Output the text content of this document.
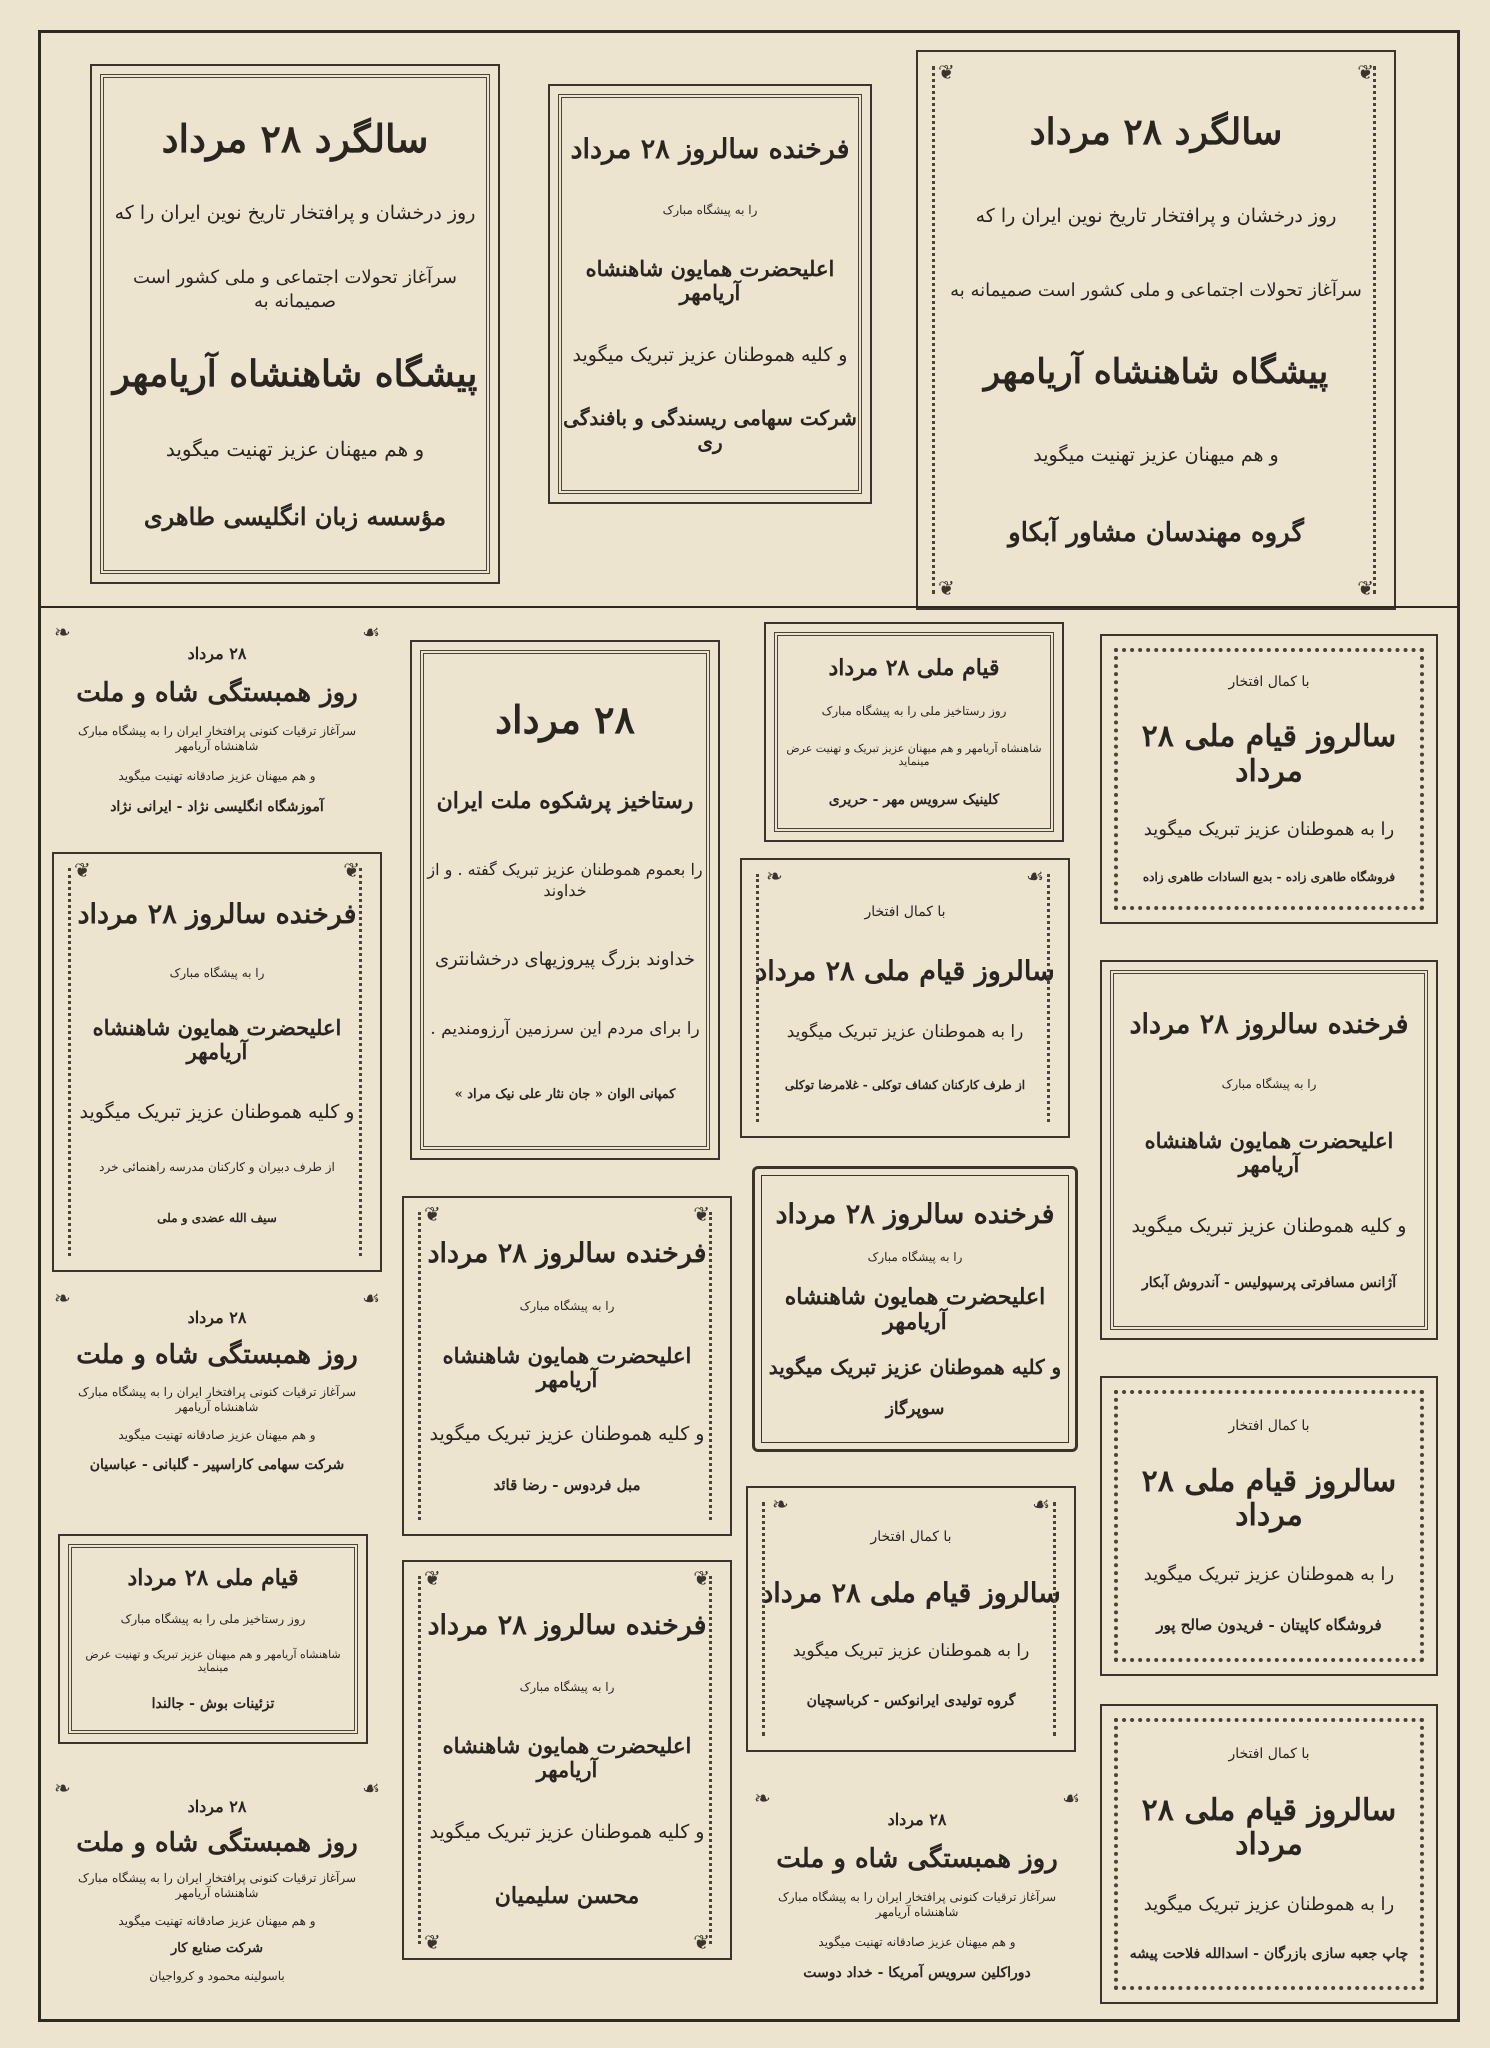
سالگرد ۲۸ مرداد
روز درخشان و پرافتخار تاریخ نوین ایران را که
سرآغاز تحولات اجتماعی و ملی کشور است صمیمانه به
پیشگاه شاهنشاه آریامهر
و هم میهنان عزیز تهنیت میگوید
مؤسسه زبان انگلیسی طاهری
فرخنده سالروز ۲۸ مرداد
را به پیشگاه مبارک
اعلیحضرت همایون شاهنشاه آریامهر
و کلیه هموطنان عزیز تبریک میگوید
شرکت سهامی ریسندگی و بافندگی ری
❦	❦
❦	❦
سالگرد ۲۸ مرداد
روز درخشان و پرافتخار تاریخ نوین ایران را که
سرآغاز تحولات اجتماعی و ملی کشور است صمیمانه به
پیشگاه شاهنشاه آریامهر
و هم میهنان عزیز تهنیت میگوید
گروه مهندسان مشاور آبکاو
❧	☙
۲۸ مرداد
روز همبستگی شاه و ملت
سرآغاز ترقیات کنونی پرافتخار ایران را به پیشگاه مبارک شاهنشاه آریامهر
و هم میهنان عزیز صادقانه تهنیت میگوید
آموزشگاه انگلیسی نژاد - ایرانی نژاد
۲۸ مرداد
رستاخیز پرشکوه ملت ایران
را بعموم هموطنان عزیز تبریک گفته . و از خداوند
خداوند بزرگ پیروزیهای درخشانتری
را برای مردم این سرزمین آرزومندیم .
کمپانی الوان « جان نثار علی نیک مراد »
قیام ملی ۲۸ مرداد
روز رستاخیز ملی را به پیشگاه مبارک
شاهنشاه آریامهر و هم میهنان عزیز تبریک و تهنیت عرض مینماید
کلینیک سرویس مهر - حریری
با کمال افتخار
سالروز قیام ملی ۲۸ مرداد
را به هموطنان عزیز تبریک میگوید
فروشگاه طاهری زاده - بدیع السادات طاهری زاده
❦	❦
فرخنده سالروز ۲۸ مرداد
را به پیشگاه مبارک
اعلیحضرت همایون شاهنشاه آریامهر
و کلیه هموطنان عزیز تبریک میگوید
از طرف دبیران و کارکنان مدرسه راهنمائی خرد
سیف الله عضدی و ملی
❧	☙
با کمال افتخار
سالروز قیام ملی ۲۸ مرداد
را به هموطنان عزیز تبریک میگوید
از طرف کارکنان کشاف توکلی - غلامرضا توکلی
فرخنده سالروز ۲۸ مرداد
را به پیشگاه مبارک
اعلیحضرت همایون شاهنشاه آریامهر
و کلیه هموطنان عزیز تبریک میگوید
آژانس مسافرتی پرسپولیس - آندروش آبکار
❧	☙
۲۸ مرداد
روز همبستگی شاه و ملت
سرآغاز ترقیات کنونی پرافتخار ایران را به پیشگاه مبارک شاهنشاه آریامهر
و هم میهنان عزیز صادقانه تهنیت میگوید
شرکت سهامی کاراسپیر - گلبانی - عباسیان
❦	❦
فرخنده سالروز ۲۸ مرداد
را به پیشگاه مبارک
اعلیحضرت همایون شاهنشاه آریامهر
و کلیه هموطنان عزیز تبریک میگوید
مبل فردوس - رضا قائد
فرخنده سالروز ۲۸ مرداد
را به پیشگاه مبارک
اعلیحضرت همایون شاهنشاه آریامهر
و کلیه هموطنان عزیز تبریک میگوید
سوپرگاز
با کمال افتخار
سالروز قیام ملی ۲۸ مرداد
را به هموطنان عزیز تبریک میگوید
فروشگاه کاپیتان - فریدون صالح پور
قیام ملی ۲۸ مرداد
روز رستاخیز ملی را به پیشگاه مبارک
شاهنشاه آریامهر و هم میهنان عزیز تبریک و تهنیت عرض مینماید
تزئینات بوش - جالندا
❧	☙
با کمال افتخار
سالروز قیام ملی ۲۸ مرداد
را به هموطنان عزیز تبریک میگوید
گروه تولیدی ایرانوکس - کرباسچیان
❦	❦
❦	❦
فرخنده سالروز ۲۸ مرداد
را به پیشگاه مبارک
اعلیحضرت همایون شاهنشاه آریامهر
و کلیه هموطنان عزیز تبریک میگوید
محسن سلیمیان
با کمال افتخار
سالروز قیام ملی ۲۸ مرداد
را به هموطنان عزیز تبریک میگوید
چاپ جعبه سازی بازرگان - اسدالله فلاحت پیشه
❧	☙
۲۸ مرداد
روز همبستگی شاه و ملت
سرآغاز ترقیات کنونی پرافتخار ایران را به پیشگاه مبارک شاهنشاه آریامهر
و هم میهنان عزیز صادقانه تهنیت میگوید
شرکت صنایع کار
باسولینه محمود و کرواجیان
❧	☙
۲۸ مرداد
روز همبستگی شاه و ملت
سرآغاز ترقیات کنونی پرافتخار ایران را به پیشگاه مبارک شاهنشاه آریامهر
و هم میهنان عزیز صادقانه تهنیت میگوید
دوراکلین سرویس آمریکا - خداد دوست
